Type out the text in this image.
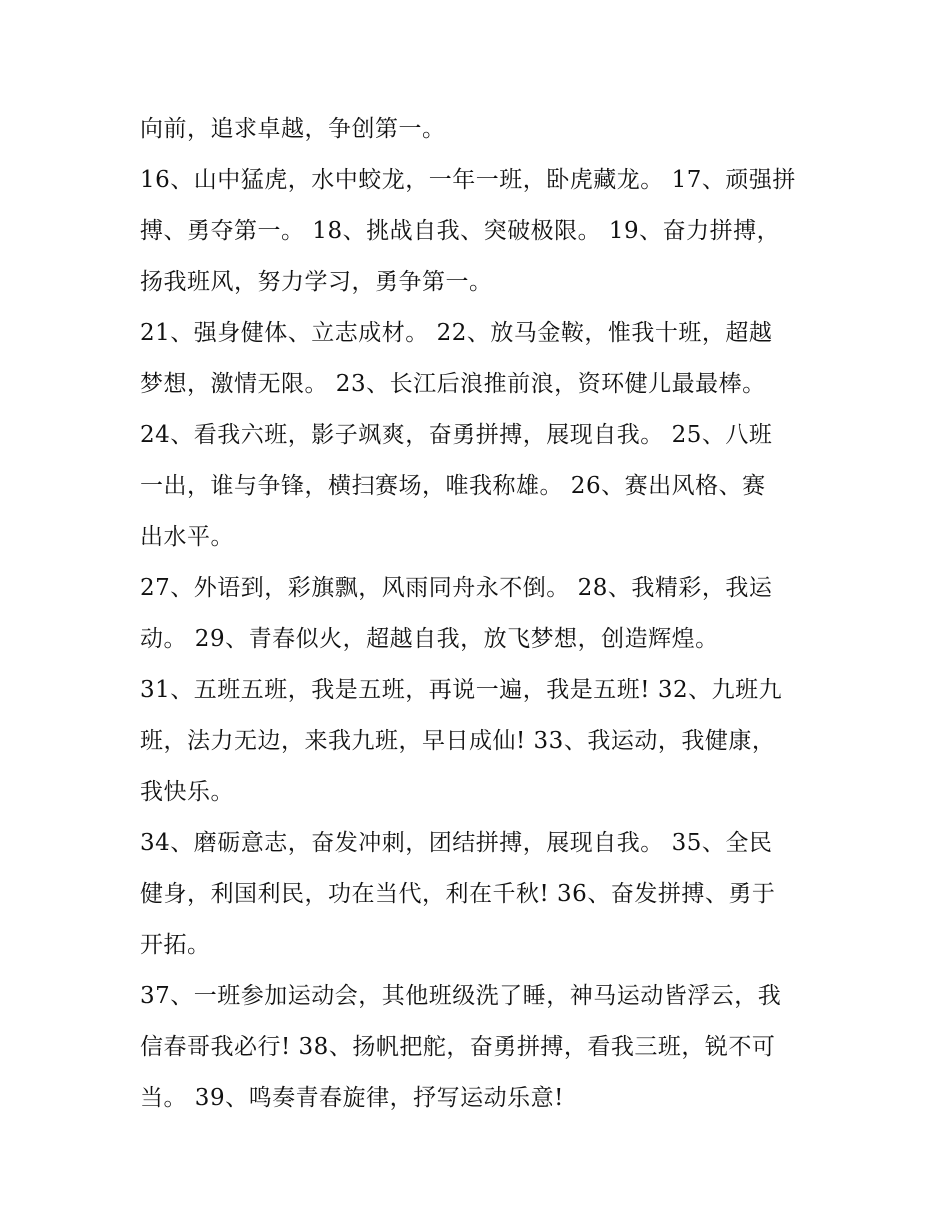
向前，追求卓越，争创第一。
16、山中猛虎，水中蛟龙，一年一班，卧虎藏龙。 17、顽强拼
搏、勇夺第一。 18、挑战自我、突破极限。 19、奋力拼搏，
扬我班风，努力学习，勇争第一。
21、强身健体、立志成材。 22、放马金鞍，惟我十班，超越
梦想，激情无限。 23、长江后浪推前浪，资环健儿最最棒。
24、看我六班，影子飒爽，奋勇拼搏，展现自我。 25、八班
一出，谁与争锋，横扫赛场，唯我称雄。 26、赛出风格、赛
出水平。
27、外语到，彩旗飘，风雨同舟永不倒。 28、我精彩，我运
动。 29、青春似火，超越自我，放飞梦想，创造辉煌。
31、五班五班，我是五班，再说一遍，我是五班! 32、九班九
班，法力无边，来我九班，早日成仙! 33、我运动，我健康，
我快乐。
34、磨砺意志，奋发冲刺，团结拼搏，展现自我。 35、全民
健身，利国利民，功在当代，利在千秋! 36、奋发拼搏、勇于
开拓。
37、一班参加运动会，其他班级洗了睡，神马运动皆浮云，我
信春哥我必行! 38、扬帆把舵，奋勇拼搏，看我三班，锐不可
当。 39、鸣奏青春旋律，抒写运动乐意!
